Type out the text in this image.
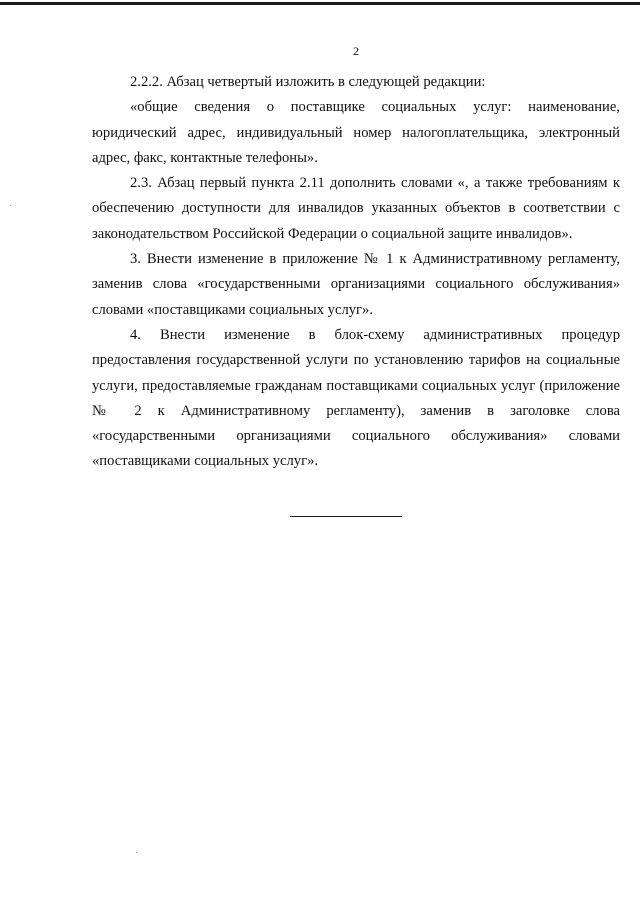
2

2.2.2. Абзац четвертый изложить в следующей редакции:

«общие сведения о поставщике социальных услуг: наименование, юридический адрес, индивидуальный номер налогоплательщика, электронный адрес, факс, контактные телефоны».

2.3. Абзац первый пункта 2.11 дополнить словами «, а также требованиям к обеспечению доступности для инвалидов указанных объектов в соответствии с законодательством Российской Федерации о социальной защите инвалидов».

3. Внести изменение в приложение № 1 к Административному регламенту, заменив слова «государственными организациями социального обслуживания» словами «поставщиками социальных услуг».

4. Внести изменение в блок-схему административных процедур предоставления государственной услуги по установлению тарифов на социальные услуги, предоставляемые гражданам поставщиками социальных услуг (приложение № 2 к Административному регламенту), заменив в заголовке слова «государственными организациями социального обслуживания» словами «поставщиками социальных услуг».
